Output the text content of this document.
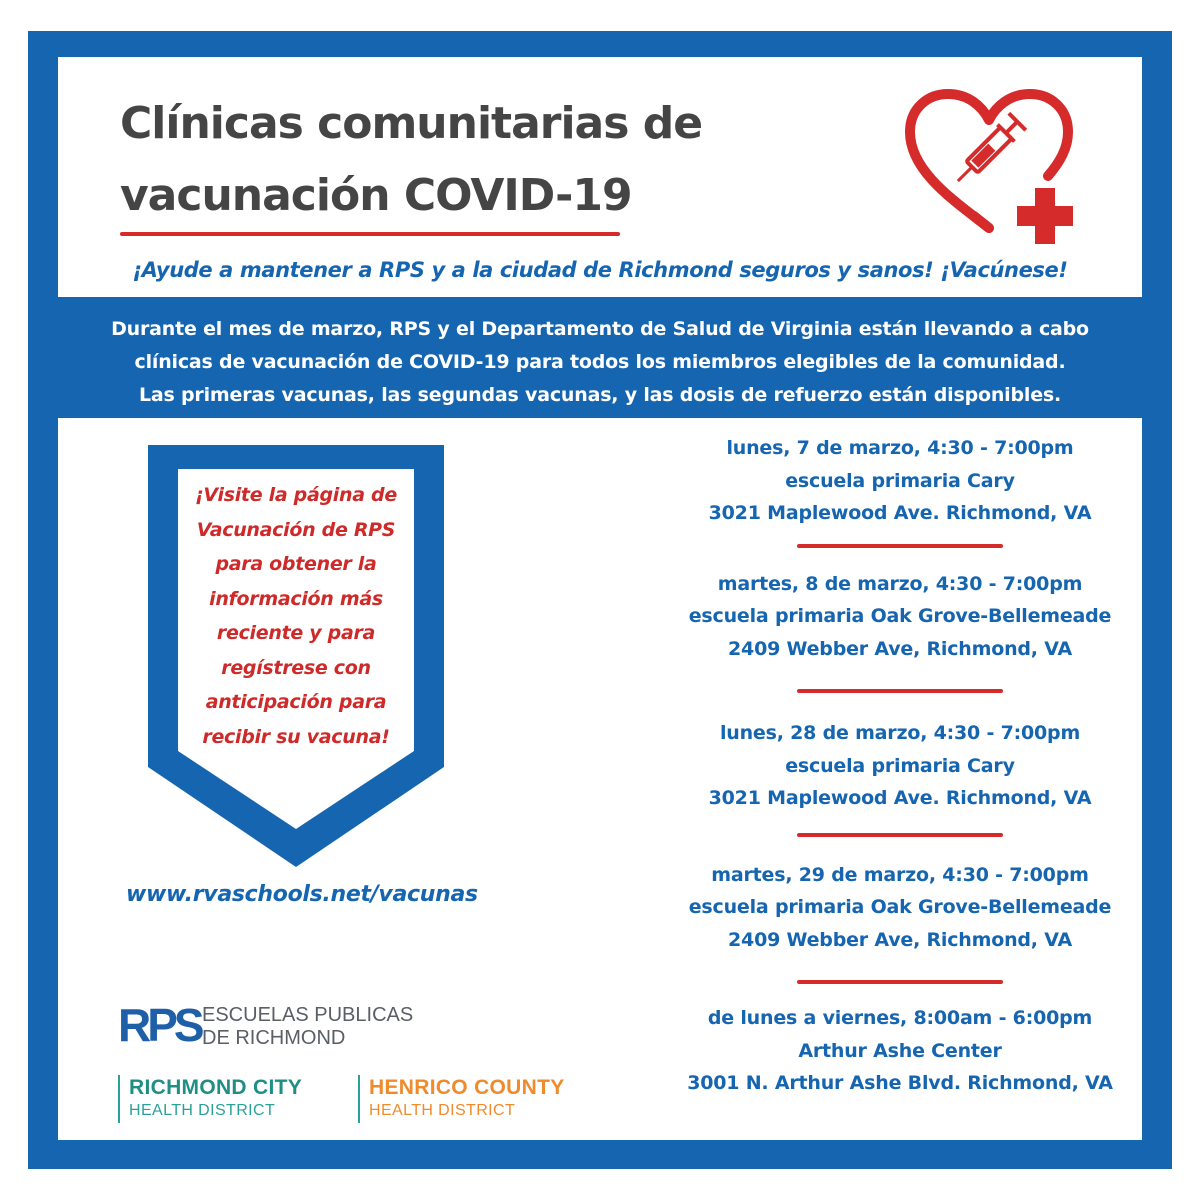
Clínicas comunitarias de
vacunación COVID-19

¡Ayude a mantener a RPS y a la ciudad de Richmond seguros y sanos! ¡Vacúnese!

Durante el mes de marzo, RPS y el Departamento de Salud de Virginia están llevando a cabo
clínicas de vacunación de COVID-19 para todos los miembros elegibles de la comunidad.
Las primeras vacunas, las segundas vacunas, y las dosis de refuerzo están disponibles.
¡Visite la página de
Vacunación de RPS
para obtener la
información más
reciente y para
regístrese con
anticipación para
recibir su vacuna!

www.rvaschools.net/vacunas

RPS ESCUELAS PUBLICAS
DE RICHMOND
RICHMOND CITY
HEALTH DISTRICT
HENRICO COUNTY
HEALTH DISTRICT
lunes, 7 de marzo, 4:30 - 7:00pm
escuela primaria Cary
3021 Maplewood Ave. Richmond, VA
martes, 8 de marzo, 4:30 - 7:00pm
escuela primaria Oak Grove-Bellemeade
2409 Webber Ave, Richmond, VA
lunes, 28 de marzo, 4:30 - 7:00pm
escuela primaria Cary
3021 Maplewood Ave. Richmond, VA
martes, 29 de marzo, 4:30 - 7:00pm
escuela primaria Oak Grove-Bellemeade
2409 Webber Ave, Richmond, VA
de lunes a viernes, 8:00am - 6:00pm
Arthur Ashe Center
3001 N. Arthur Ashe Blvd. Richmond, VA
